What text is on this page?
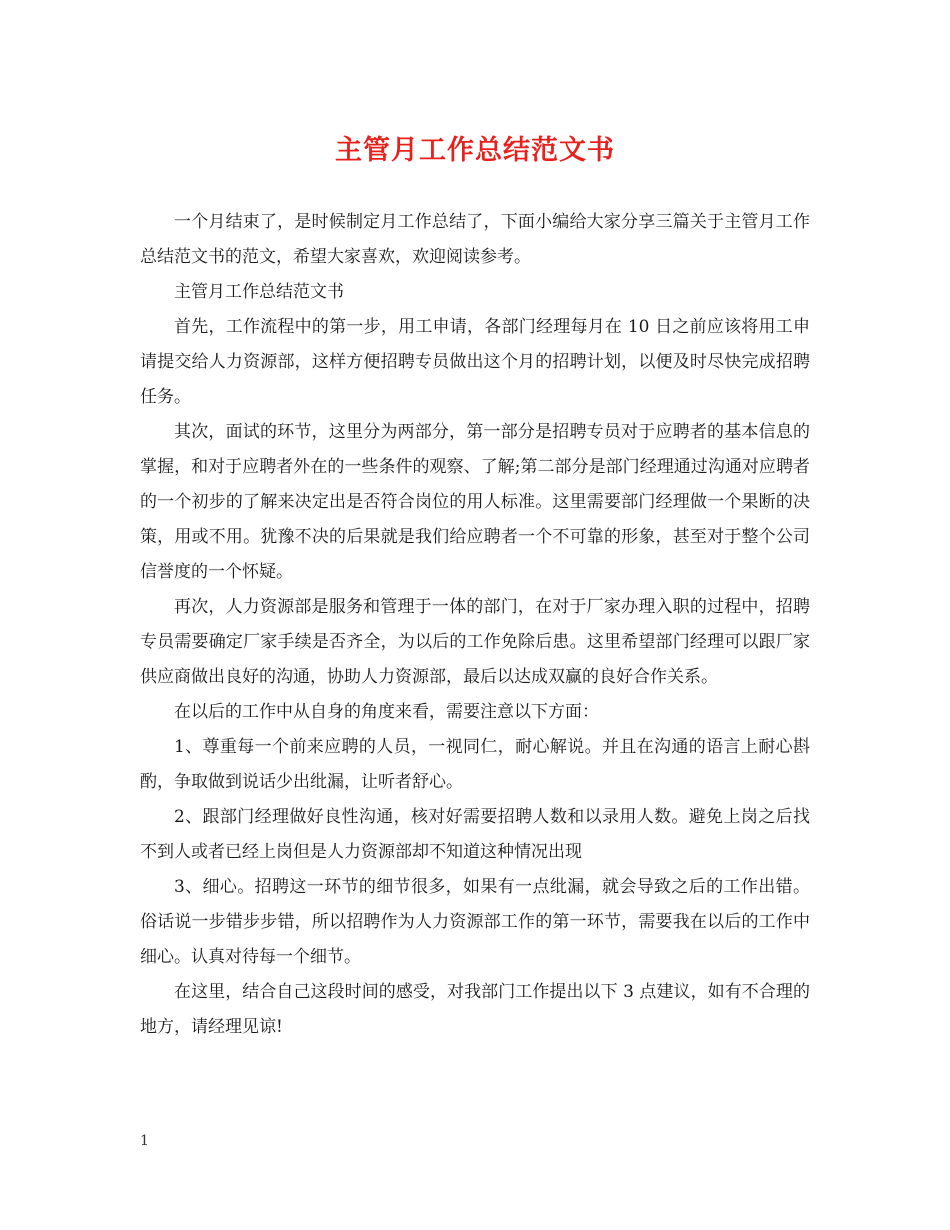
主管月工作总结范文书

一个月结束了，是时候制定月工作总结了，下面小编给大家分享三篇关于主管月工作总结范文书的范文，希望大家喜欢，欢迎阅读参考。

主管月工作总结范文书

首先，工作流程中的第一步，用工申请，各部门经理每月在 10 日之前应该将用工申请提交给人力资源部，这样方便招聘专员做出这个月的招聘计划，以便及时尽快完成招聘任务。

其次，面试的环节，这里分为两部分，第一部分是招聘专员对于应聘者的基本信息的掌握，和对于应聘者外在的一些条件的观察、了解;第二部分是部门经理通过沟通对应聘者的一个初步的了解来决定出是否符合岗位的用人标准。这里需要部门经理做一个果断的决策，用或不用。犹豫不决的后果就是我们给应聘者一个不可靠的形象，甚至对于整个公司信誉度的一个怀疑。

再次，人力资源部是服务和管理于一体的部门，在对于厂家办理入职的过程中，招聘专员需要确定厂家手续是否齐全，为以后的工作免除后患。这里希望部门经理可以跟厂家供应商做出良好的沟通，协助人力资源部，最后以达成双赢的良好合作关系。

在以后的工作中从自身的角度来看，需要注意以下方面：

1、尊重每一个前来应聘的人员，一视同仁，耐心解说。并且在沟通的语言上耐心斟酌，争取做到说话少出纰漏，让听者舒心。

2、跟部门经理做好良性沟通，核对好需要招聘人数和以录用人数。避免上岗之后找不到人或者已经上岗但是人力资源部却不知道这种情况出现

3、细心。招聘这一环节的细节很多，如果有一点纰漏，就会导致之后的工作出错。俗话说一步错步步错，所以招聘作为人力资源部工作的第一环节，需要我在以后的工作中细心。认真对待每一个细节。

在这里，结合自己这段时间的感受，对我部门工作提出以下 3 点建议，如有不合理的地方，请经理见谅!

1
